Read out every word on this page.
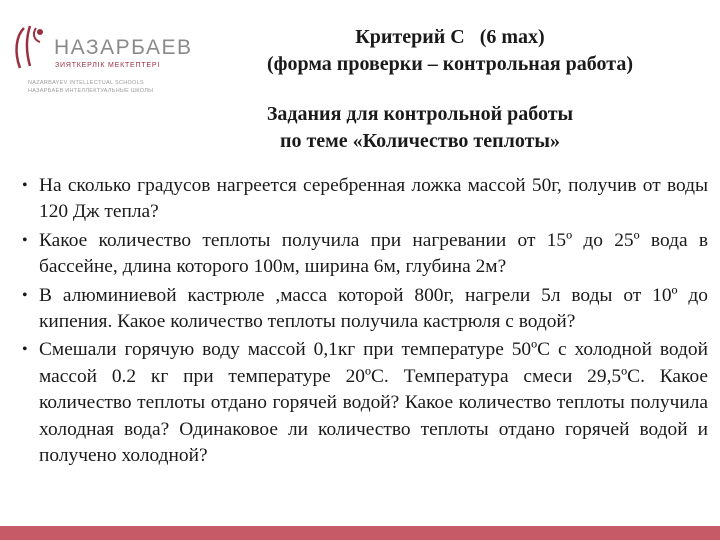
НАЗАРБАЕВ
ЗИЯТКЕРЛІК МЕКТЕПТЕРІ
NAZARBAYEV INTELLECTUAL SCHOOLS
НАЗАРБАЕВ ИНТЕЛЛЕКТУАЛЬНЫЕ ШКОЛЫ
Критерий С   (6 max)
(форма проверки – контрольная работа)
Задания для контрольной работы
по теме «Количество теплоты»
• На сколько градусов нагреется серебренная ложка массой 50г, получив от воды 120 Дж тепла?
• Какое количество теплоты получила при нагревании от 15º до 25º вода в бассейне, длина которого 100м, ширина 6м, глубина 2м?
• В алюминиевой кастрюле ,масса которой 800г, нагрели 5л воды от 10º до кипения. Какое количество теплоты получила кастрюля с водой?
• Смешали горячую воду массой 0,1кг при температуре 50ºС с холодной водой массой 0.2 кг при температуре 20ºС. Температура смеси 29,5ºС. Какое количество теплоты отдано горячей водой? Какое количество теплоты получила холодная вода? Одинаковое ли количество теплоты отдано горячей водой и получено холодной?
